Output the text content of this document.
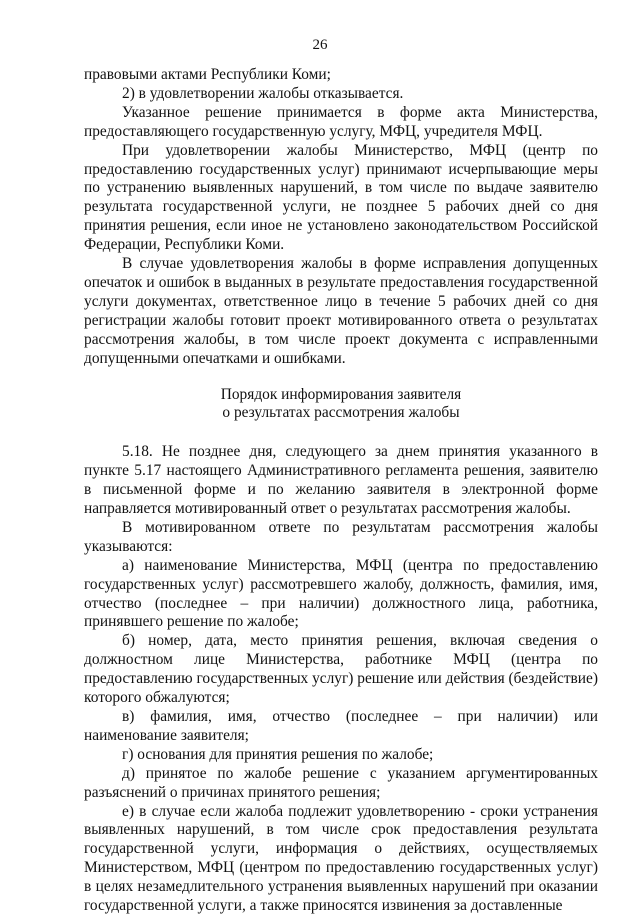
26

правовыми актами Республики Коми;

2) в удовлетворении жалобы отказывается.

Указанное решение принимается в форме акта Министерства, предоставляющего государственную услугу, МФЦ, учредителя МФЦ.

При удовлетворении жалобы Министерство, МФЦ (центр по предоставлению государственных услуг) принимают исчерпывающие меры по устранению выявленных нарушений, в том числе по выдаче заявителю результата государственной услуги, не позднее 5 рабочих дней со дня принятия решения, если иное не установлено законодательством Российской Федерации, Республики Коми.

В случае удовлетворения жалобы в форме исправления допущенных опечаток и ошибок в выданных в результате предоставления государственной услуги документах, ответственное лицо в течение 5 рабочих дней со дня регистрации жалобы готовит проект мотивированного ответа о результатах рассмотрения жалобы, в том числе проект документа с исправленными допущенными опечатками и ошибками.

Порядок информирования заявителя

о результатах рассмотрения жалобы

5.18. Не позднее дня, следующего за днем принятия указанного в пункте 5.17 настоящего Административного регламента решения, заявителю в письменной форме и по желанию заявителя в электронной форме направляется мотивированный ответ о результатах рассмотрения жалобы.

В мотивированном ответе по результатам рассмотрения жалобы указываются:

а) наименование Министерства, МФЦ (центра по предоставлению государственных услуг) рассмотревшего жалобу, должность, фамилия, имя, отчество (последнее – при наличии) должностного лица, работника, принявшего решение по жалобе;

б) номер, дата, место принятия решения, включая сведения о должностном лице Министерства, работнике МФЦ (центра по предоставлению государственных услуг) решение или действия (бездействие) которого обжалуются;

в) фамилия, имя, отчество (последнее – при наличии) или наименование заявителя;

г) основания для принятия решения по жалобе;

д) принятое по жалобе решение с указанием аргументированных разъяснений о причинах принятого решения;

е) в случае если жалоба подлежит удовлетворению - сроки устранения выявленных нарушений, в том числе срок предоставления результата государственной услуги, информация о действиях, осуществляемых Министерством, МФЦ (центром по предоставлению государственных услуг) в целях незамедлительного устранения выявленных нарушений при оказании государственной услуги, а также приносятся извинения за доставленные
